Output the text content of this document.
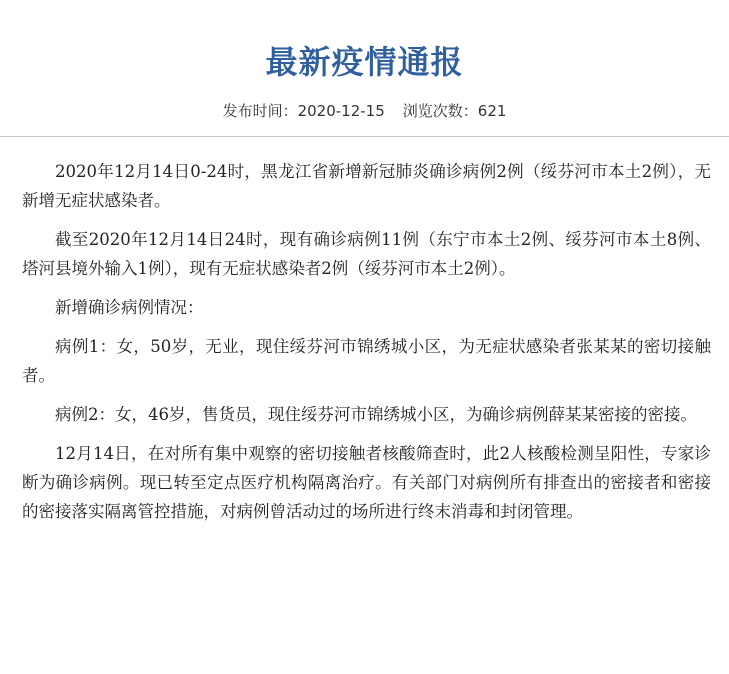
最新疫情通报
发布时间：2020-12-15 浏览次数：621

2020年12月14日0-24时，黑龙江省新增新冠肺炎确诊病例2例（绥芬河市本土2例），无新增无症状感染者。

截至2020年12月14日24时，现有确诊病例11例（东宁市本土2例、绥芬河市本土8例、塔河县境外输入1例），现有无症状感染者2例（绥芬河市本土2例）。

新增确诊病例情况：

病例1：女，50岁，无业，现住绥芬河市锦绣城小区，为无症状感染者张某某的密切接触者。

病例2：女，46岁，售货员，现住绥芬河市锦绣城小区，为确诊病例薛某某密接的密接。

12月14日，在对所有集中观察的密切接触者核酸筛查时，此2人核酸检测呈阳性，专家诊断为确诊病例。现已转至定点医疗机构隔离治疗。有关部门对病例所有排查出的密接者和密接的密接落实隔离管控措施，对病例曾活动过的场所进行终末消毒和封闭管理。
